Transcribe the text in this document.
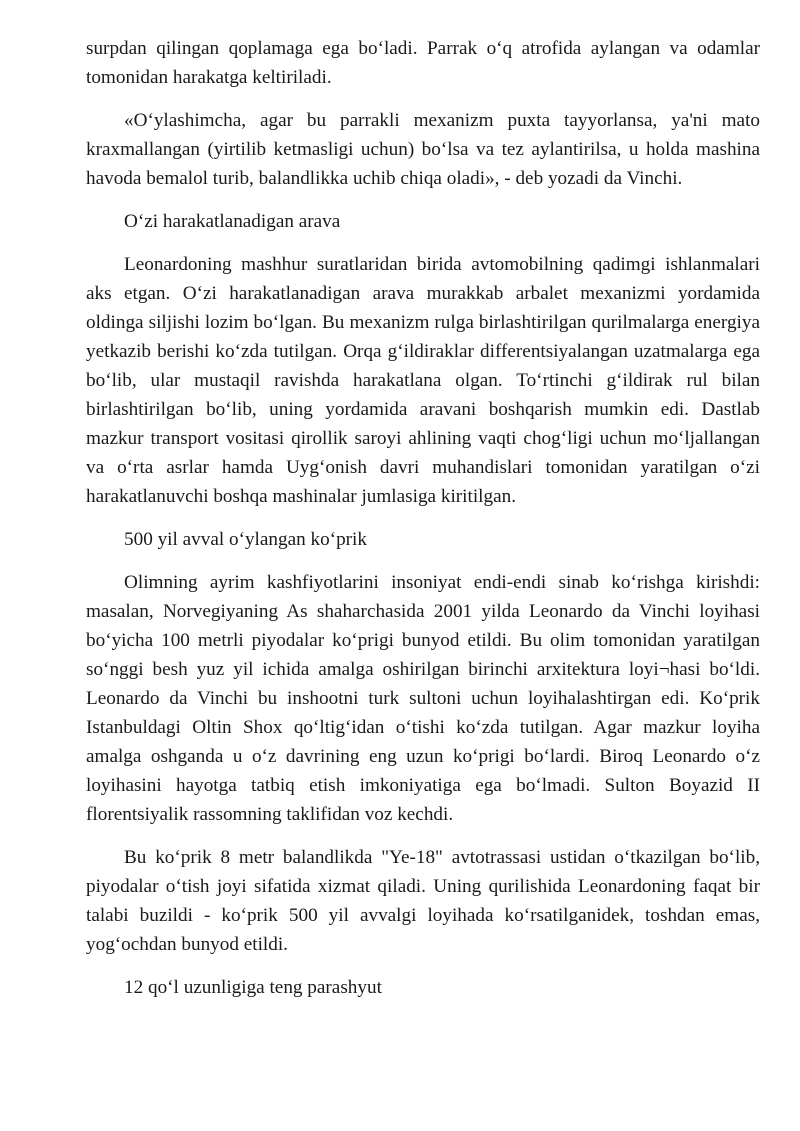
surpdan qilingan qoplamaga ega bo‘ladi. Parrak o‘q atrofida aylangan va odamlar tomonidan harakatga keltiriladi.

«O‘ylashimcha, agar bu parrakli mexanizm puxta tayyorlansa, ya'ni mato kraxmallangan (yirtilib ketmasligi uchun) bo‘lsa va tez aylantirilsa, u holda mashina havoda bemalol turib, balandlikka uchib chiqa oladi», - deb yozadi da Vinchi.

O‘zi harakatlanadigan arava

Leonardoning mashhur suratlaridan birida avtomobilning qadimgi ishlanmalari aks etgan. O‘zi harakatlanadigan arava murakkab arbalet mexanizmi yordamida oldinga siljishi lozim bo‘lgan. Bu mexanizm rulga birlashtirilgan qurilmalarga energiya yetkazib berishi ko‘zda tutilgan. Orqa g‘ildiraklar differentsiyalangan uzatmalarga ega bo‘lib, ular mustaqil ravishda harakatlana olgan. To‘rtinchi g‘ildirak rul bilan birlashtirilgan bo‘lib, uning yordamida aravani boshqarish mumkin edi. Dastlab mazkur transport vositasi qirollik saroyi ahlining vaqti chog‘ligi uchun mo‘ljallangan va o‘rta asrlar hamda Uyg‘onish davri muhandislari tomonidan yaratilgan o‘zi harakatlanuvchi boshqa mashinalar jumlasiga kiritilgan.

500 yil avval o‘ylangan ko‘prik

Olimning ayrim kashfiyotlarini insoniyat endi-endi sinab ko‘rishga kirishdi: masalan, Norvegiyaning As shaharchasida 2001 yilda Leonardo da Vinchi loyihasi bo‘yicha 100 metrli piyodalar ko‘prigi bunyod etildi. Bu olim tomonidan yaratilgan so‘nggi besh yuz yil ichida amalga oshirilgan birinchi arxitektura loyi¬hasi bo‘ldi. Leonardo da Vinchi bu inshootni turk sultoni uchun loyihalashtirgan edi. Ko‘prik Istanbuldagi Oltin Shox qo‘ltig‘idan o‘tishi ko‘zda tutilgan. Agar mazkur loyiha amalga oshganda u o‘z davrining eng uzun ko‘prigi bo‘lardi. Biroq Leonardo o‘z loyihasini hayotga tatbiq etish imkoniyatiga ega bo‘lmadi. Sulton Boyazid II florentsiyalik rassomning taklifidan voz kechdi.

Bu ko‘prik 8 metr balandlikda "Ye-18" avtotrassasi ustidan o‘tkazilgan bo‘lib, piyodalar o‘tish joyi sifatida xizmat qiladi. Uning qurilishida Leonardoning faqat bir talabi buzildi - ko‘prik 500 yil avvalgi loyihada ko‘rsatilganidek, toshdan emas, yog‘ochdan bunyod etildi.

12 qo‘l uzunligiga teng parashyut
